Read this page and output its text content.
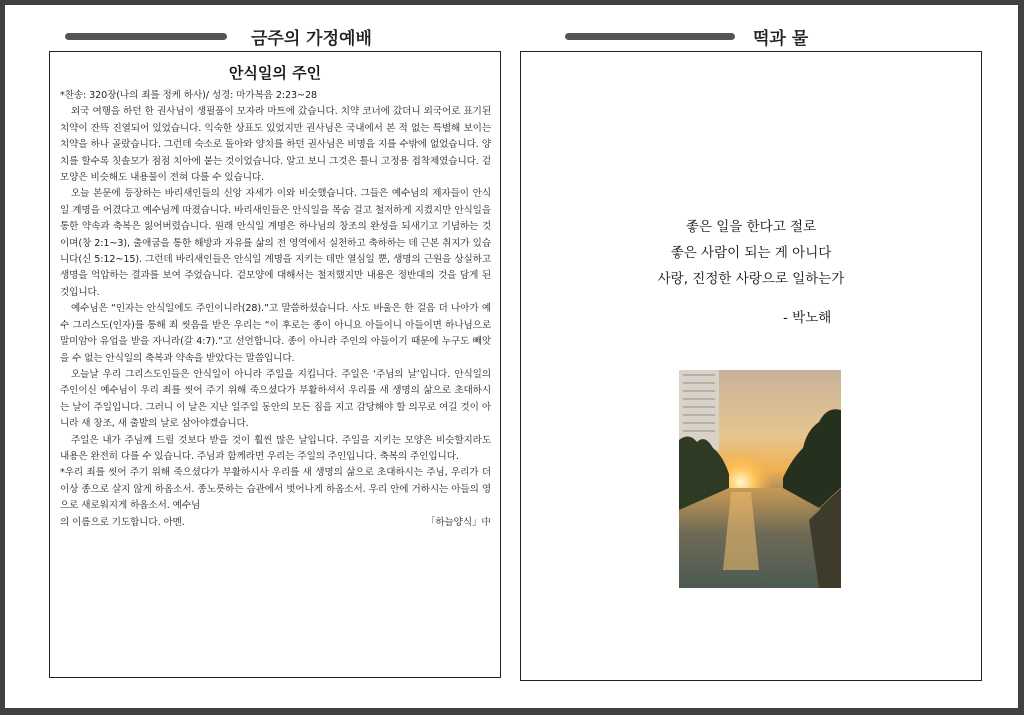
금주의 가정예배	떡과 물
안식일의 주인

*찬송: 320장(나의 죄를 정케 하사)/ 성경: 마가복음 2:23~28

외국 여행을 하던 한 권사님이 생필품이 모자라 마트에 갔습니다. 치약 코너에 갔더니 외국어로 표기된 치약이 잔뜩 진열되어 있었습니다. 익숙한 상표도 있었지만 권사님은 국내에서 본 적 없는 특별해 보이는 치약을 하나 골랐습니다. 그런데 숙소로 돌아와 양치를 하던 권사님은 비명을 지를 수밖에 없었습니다. 양치를 할수록 칫솔모가 점점 치아에 붙는 것이었습니다. 알고 보니 그것은 틀니 고정용 접착제였습니다. 겉모양은 비슷해도 내용물이 전혀 다를 수 있습니다.

오늘 본문에 등장하는 바리새인들의 신앙 자세가 이와 비슷했습니다. 그들은 예수님의 제자들이 안식일 계명을 어겼다고 예수님께 따졌습니다. 바리새인들은 안식일을 목숨 걸고 철저하게 지켰지만 안식일을 통한 약속과 축복은 잃어버렸습니다. 원래 안식일 계명은 하나님의 창조의 완성을 되새기고 기념하는 것이며(창 2:1~3), 출애굽을 통한 해방과 자유를 삶의 전 영역에서 실천하고 축하하는 데 근본 취지가 있습니다(신 5:12~15). 그런데 바리새인들은 안식일 계명을 지키는 데만 열심일 뿐, 생명의 근원을 상실하고 생명을 억압하는 결과를 보여 주었습니다. 겉모양에 대해서는 철저했지만 내용은 정반대의 것을 담게 된 것입니다.

예수님은 “인자는 안식일에도 주인이니라(28).”고 말씀하셨습니다. 사도 바울은 한 걸음 더 나아가 예수 그리스도(인자)를 통해 죄 씻음을 받은 우리는 “이 후로는 종이 아니요 아들이니 아들이면 하나님으로 말미암아 유업을 받을 자니라(갈 4:7).”고 선언합니다. 종이 아니라 주인의 아들이기 때문에 누구도 빼앗을 수 없는 안식일의 축복과 약속을 받았다는 말씀입니다.

오늘날 우리 그리스도인들은 안식일이 아니라 주일을 지킵니다. 주일은 ‘주님의 날’입니다. 안식일의 주인이신 예수님이 우리 죄를 씻어 주기 위해 죽으셨다가 부활하셔서 우리를 새 생명의 삶으로 초대하시는 날이 주일입니다. 그러니 이 날은 지난 일주일 동안의 모든 짐을 지고 감당해야 할 의무로 여길 것이 아니라 새 창조, 새 출발의 날로 삼아야겠습니다.

주일은 내가 주님께 드릴 것보다 받을 것이 훨씬 많은 날입니다. 주일을 지키는 모양은 비슷할지라도 내용은 완전히 다를 수 있습니다. 주님과 함께라면 우리는 주일의 주인입니다. 축복의 주인입니다.

*우리 죄를 씻어 주기 위해 죽으셨다가 부활하시사 우리를 새 생명의 삶으로 초대하시는 주님, 우리가 더 이상 종으로 살지 않게 하옵소서. 종노릇하는 습관에서 벗어나게 하옵소서. 우리 안에 거하시는 아들의 영으로 새로워지게 하옵소서. 예수님

의 이름으로 기도합니다. 아멘.	「하늘양식」中
좋은 일을 한다고 절로
좋은 사람이 되는 게 아니다
사랑, 진정한 사랑으로 일하는가
- 박노해
